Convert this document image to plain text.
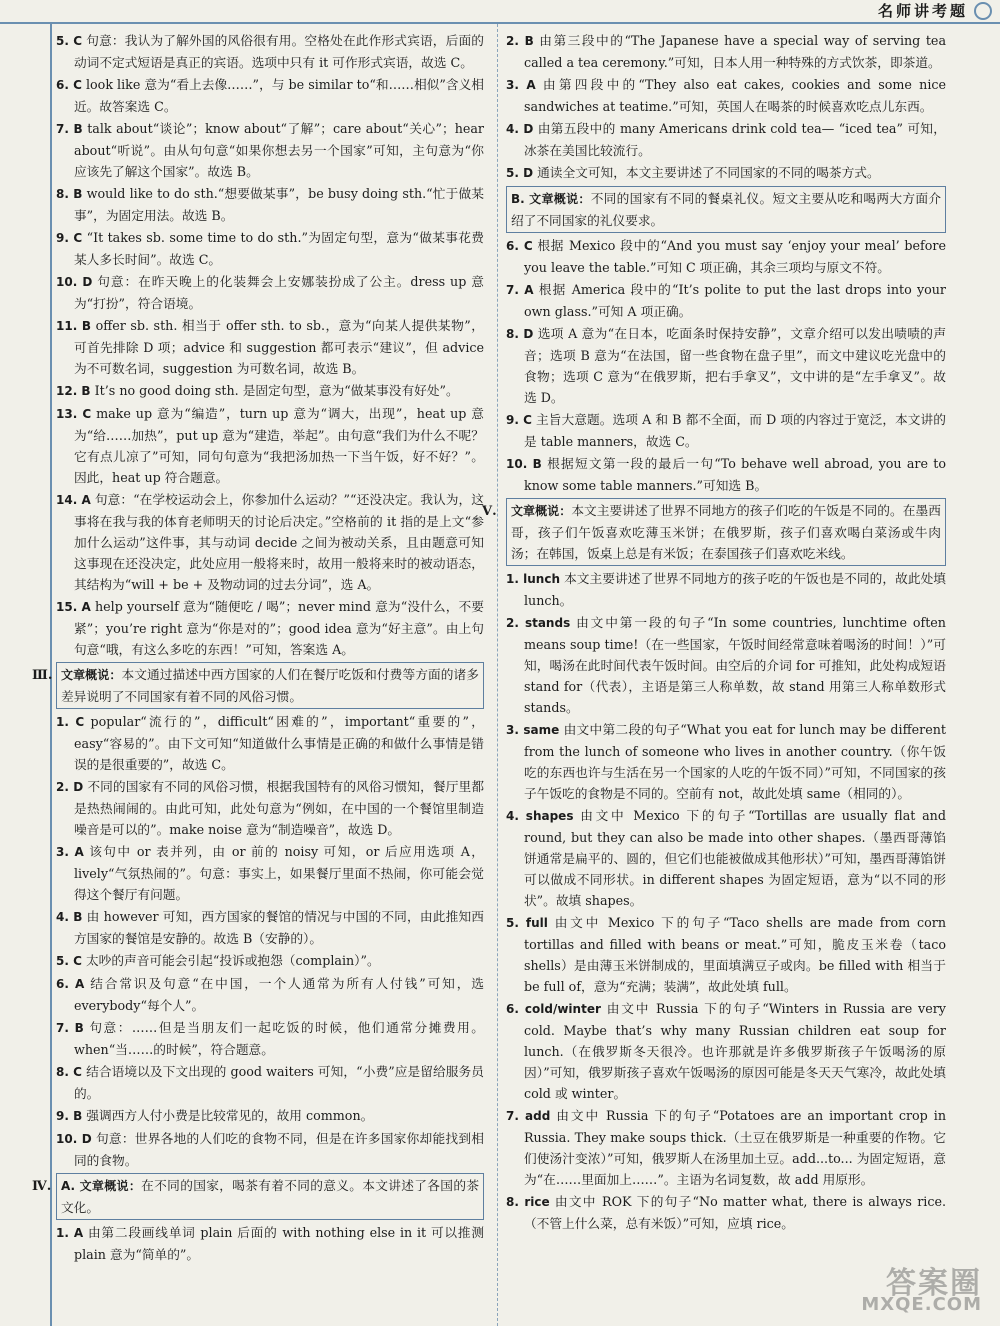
名师讲考题
5. C 句意：我认为了解外国的风俗很有用。空格处在此作形式宾语，后面的动词不定式短语是真正的宾语。选项中只有 it 可作形式宾语，故选 C。
6. C look like 意为“看上去像……”，与 be similar to“和……相似”含义相近。故答案选 C。
7. B talk about“谈论”；know about“了解”；care about“关心”；hear about“听说”。由从句句意“如果你想去另一个国家”可知，主句意为“你应该先了解这个国家”。故选 B。
8. B would like to do sth.“想要做某事”，be busy doing sth.“忙于做某事”，为固定用法。故选 B。
9. C “It takes sb. some time to do sth.”为固定句型，意为“做某事花费某人多长时间”。故选 C。
10. D 句意：在昨天晚上的化装舞会上安娜装扮成了公主。dress up 意为“打扮”，符合语境。
11. B offer sb. sth. 相当于 offer sth. to sb.，意为“向某人提供某物”，可首先排除 D 项；advice 和 suggestion 都可表示“建议”，但 advice 为不可数名词，suggestion 为可数名词，故选 B。
12. B It’s no good doing sth. 是固定句型，意为“做某事没有好处”。
13. C make up 意为“编造”，turn up 意为“调大，出现”，heat up 意为“给……加热”，put up 意为“建造，举起”。由句意“我们为什么不呢？它有点儿凉了”可知，同句句意为“我把汤加热一下当午饭，好不好？”。因此，heat up 符合题意。
14. A 句意：“在学校运动会上，你参加什么运动？”“还没决定。我认为，这事将在我与我的体育老师明天的讨论后决定。”空格前的 it 指的是上文“参加什么运动”这件事，其与动词 decide 之间为被动关系，且由题意可知这事现在还没决定，此处应用一般将来时，故用一般将来时的被动语态，其结构为“will + be + 及物动词的过去分词”，选 A。
15. A help yourself 意为“随便吃 / 喝”；never mind 意为“没什么，不要紧”；you’re right 意为“你是对的”；good idea 意为“好主意”。由上句句意“哦，有这么多吃的东西！”可知，答案选 A。
Ⅲ. 文章概说：本文通过描述中西方国家的人们在餐厅吃饭和付费等方面的诸多差异说明了不同国家有着不同的风俗习惯。
1. C popular“流行的”，difficult“困难的”，important“重要的”，easy“容易的”。由下文可知“知道做什么事情是正确的和做什么事情是错误的是很重要的”，故选 C。
2. D 不同的国家有不同的风俗习惯，根据我国特有的风俗习惯知，餐厅里都是热热闹闹的。由此可知，此处句意为“例如，在中国的一个餐馆里制造噪音是可以的”。make noise 意为“制造噪音”，故选 D。
3. A 该句中 or 表并列，由 or 前的 noisy 可知，or 后应用选项 A，lively“气氛热闹的”。句意：事实上，如果餐厅里面不热闹，你可能会觉得这个餐厅有问题。
4. B 由 however 可知，西方国家的餐馆的情况与中国的不同，由此推知西方国家的餐馆是安静的。故选 B（安静的）。
5. C 太吵的声音可能会引起“投诉或抱怨（complain）”。
6. A 结合常识及句意“在中国，一个人通常为所有人付钱”可知，选 everybody“每个人”。
7. B 句意：……但是当朋友们一起吃饭的时候，他们通常分摊费用。when“当……的时候”，符合题意。
8. C 结合语境以及下文出现的 good waiters 可知，“小费”应是留给服务员的。
9. B 强调西方人付小费是比较常见的，故用 common。
10. D 句意：世界各地的人们吃的食物不同，但是在许多国家你却能找到相同的食物。
Ⅳ. A. 文章概说：在不同的国家，喝茶有着不同的意义。本文讲述了各国的茶文化。
1. A 由第二段画线单词 plain 后面的 with nothing else in it 可以推测 plain 意为“简单的”。
2. B 由第三段中的“The Japanese have a special way of serving tea called a tea ceremony.”可知，日本人用一种特殊的方式饮茶，即茶道。
3. A 由第四段中的“They also eat cakes, cookies and some nice sandwiches at teatime.”可知，英国人在喝茶的时候喜欢吃点儿东西。
4. D 由第五段中的 many Americans drink cold tea— “iced tea” 可知，冰茶在美国比较流行。
5. D 通读全文可知，本文主要讲述了不同国家的不同的喝茶方式。
B. 文章概说：不同的国家有不同的餐桌礼仪。短文主要从吃和喝两大方面介绍了不同国家的礼仪要求。
6. C 根据 Mexico 段中的“And you must say ‘enjoy your meal’ before you leave the table.”可知 C 项正确，其余三项均与原文不符。
7. A 根据 America 段中的“It’s polite to put the last drops into your own glass.”可知 A 项正确。
8. D 选项 A 意为“在日本，吃面条时保持安静”，文章介绍可以发出啧啧的声音；选项 B 意为“在法国，留一些食物在盘子里”，而文中建议吃光盘中的食物；选项 C 意为“在俄罗斯，把右手拿叉”，文中讲的是“左手拿叉”。故选 D。
9. C 主旨大意题。选项 A 和 B 都不全面，而 D 项的内容过于宽泛，本文讲的是 table manners，故选 C。
10. B 根据短文第一段的最后一句“To behave well abroad, you are to know some table manners.”可知选 B。
Ⅴ.	文章概说：本文主要讲述了世界不同地方的孩子们吃的午饭是不同的。在墨西哥，孩子们午饭喜欢吃薄玉米饼；在俄罗斯，孩子们喜欢喝白菜汤或牛肉汤；在韩国，饭桌上总是有米饭；在泰国孩子们喜欢吃米线。
1. lunch 本文主要讲述了世界不同地方的孩子吃的午饭也是不同的，故此处填 lunch。
2. stands 由文中第一段的句子“In some countries, lunchtime often means soup time!（在一些国家，午饭时间经常意味着喝汤的时间！）”可知，喝汤在此时间代表午饭时间。由空后的介词 for 可推知，此处构成短语 stand for（代表），主语是第三人称单数，故 stand 用第三人称单数形式 stands。
3. same 由文中第二段的句子“What you eat for lunch may be different from the lunch of someone who lives in another country.（你午饭吃的东西也许与生活在另一个国家的人吃的午饭不同）”可知，不同国家的孩子午饭吃的食物是不同的。空前有 not，故此处填 same（相同的）。
4. shapes 由文中 Mexico 下的句子“Tortillas are usually flat and round, but they can also be made into other shapes.（墨西哥薄馅饼通常是扁平的、圆的，但它们也能被做成其他形状）”可知，墨西哥薄馅饼可以做成不同形状。in different shapes 为固定短语，意为“以不同的形状”。故填 shapes。
5. full 由文中 Mexico 下的句子“Taco shells are made from corn tortillas and filled with beans or meat.”可知，脆皮玉米卷（taco shells）是由薄玉米饼制成的，里面填满豆子或肉。be filled with 相当于 be full of，意为“充满；装满”，故此处填 full。
6. cold/winter 由文中 Russia 下的句子“Winters in Russia are very cold. Maybe that’s why many Russian children eat soup for lunch.（在俄罗斯冬天很冷。也许那就是许多俄罗斯孩子午饭喝汤的原因）”可知，俄罗斯孩子喜欢午饭喝汤的原因可能是冬天天气寒冷，故此处填 cold 或 winter。
7. add 由文中 Russia 下的句子“Potatoes are an important crop in Russia. They make soups thick.（土豆在俄罗斯是一种重要的作物。它们使汤汁变浓）”可知，俄罗斯人在汤里加土豆。add...to... 为固定短语，意为“在……里面加上……”。主语为名词复数，故 add 用原形。
8. rice 由文中 ROK 下的句子“No matter what, there is always rice.（不管上什么菜，总有米饭）”可知，应填 rice。
答案圈
MXQE.COM
